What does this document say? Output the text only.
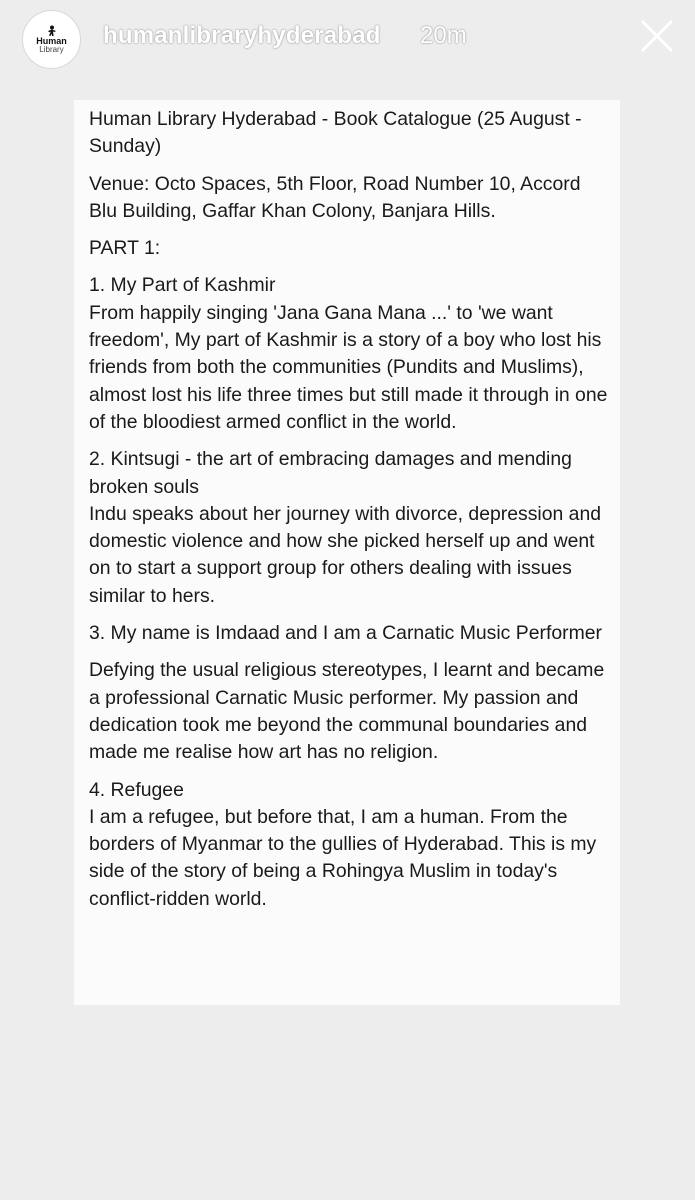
Human
Library
humanlibraryhyderabad 20m

Human Library Hyderabad - Book Catalogue (25 August - Sunday)

Venue: Octo Spaces, 5th Floor, Road Number 10, Accord Blu Building, Gaffar Khan Colony, Banjara Hills.

PART 1:

1. My Part of Kashmir

From happily singing 'Jana Gana Mana ...' to 'we want freedom', My part of Kashmir is a story of a boy who lost his friends from both the communities (Pundits and Muslims), almost lost his life three times but still made it through in one of the bloodiest armed conflict in the world.

2. Kintsugi - the art of embracing damages and mending broken souls

Indu speaks about her journey with divorce, depression and domestic violence and how she picked herself up and went on to start a support group for others dealing with issues similar to hers.

3. My name is Imdaad and I am a Carnatic Music Performer

Defying the usual religious stereotypes, I learnt and became a professional Carnatic Music performer. My passion and dedication took me beyond the communal boundaries and made me realise how art has no religion.

4. Refugee

I am a refugee, but before that, I am a human. From the borders of Myanmar to the gullies of Hyderabad. This is my side of the story of being a Rohingya Muslim in today's conflict-ridden world.
